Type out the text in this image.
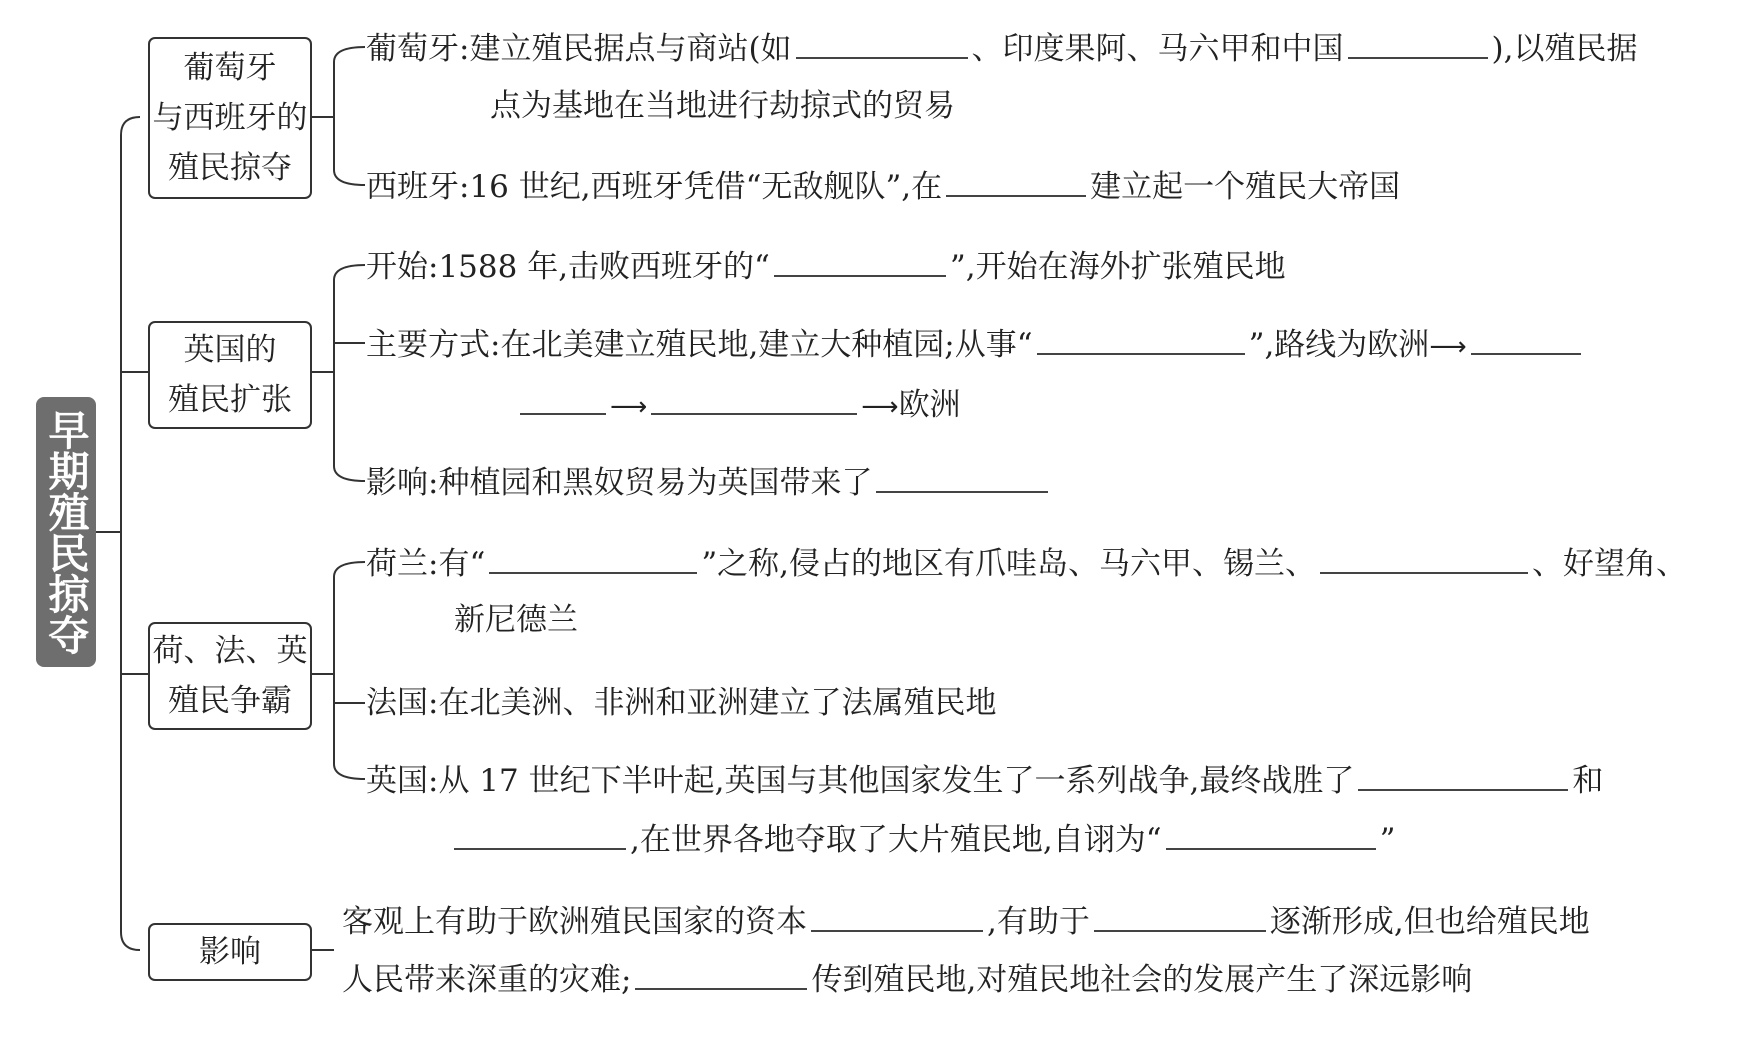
早期殖民掠夺
葡萄牙
与西班牙的
殖民掠夺
英国的
殖民扩张
荷、法、英
殖民争霸
影响
葡萄牙:建立殖民据点与商站(如	、印度果阿、马六甲和中国	),以殖民据
点为基地在当地进行劫掠式的贸易
西班牙:16 世纪,西班牙凭借“无敌舰队”,在	建立起一个殖民大帝国
开始:1588 年,击败西班牙的“	”,开始在海外扩张殖民地
主要方式:在北美建立殖民地,建立大种植园;从事“	”,路线为欧洲⟶
⟶	⟶欧洲
影响:种植园和黑奴贸易为英国带来了
荷兰:有“	”之称,侵占的地区有爪哇岛、马六甲、锡兰、	、好望角、
新尼德兰
法国:在北美洲、非洲和亚洲建立了法属殖民地
英国:从 17 世纪下半叶起,英国与其他国家发生了一系列战争,最终战胜了	和
,在世界各地夺取了大片殖民地,自诩为“	”
客观上有助于欧洲殖民国家的资本	,有助于	逐渐形成,但也给殖民地
人民带来深重的灾难;	传到殖民地,对殖民地社会的发展产生了深远影响
